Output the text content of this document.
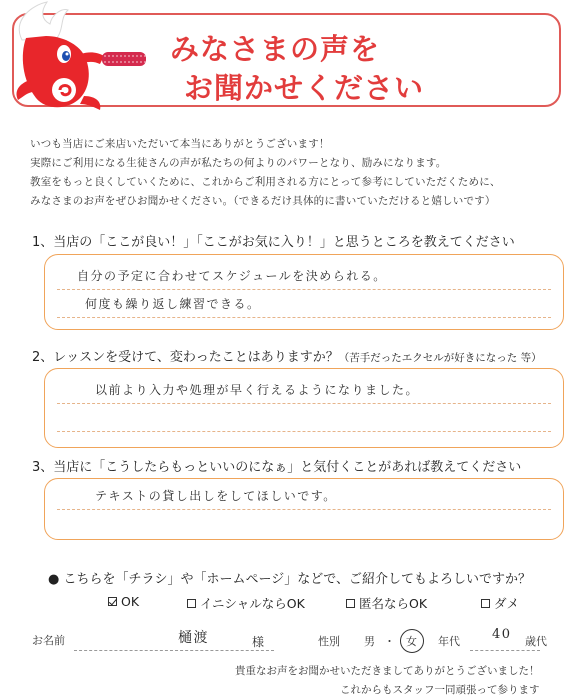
みなさまの声を
お聞かせください
いつも当店にご来店いただいて本当にありがとうございます！
実際にご利用になる生徒さんの声が私たちの何よりのパワーとなり、励みになります。
教室をもっと良くしていくために、これからご利用される方にとって参考にしていただくために、
みなさまのお声をぜひお聞かせください。（できるだけ具体的に書いていただけると嬉しいです）
1、当店の「ここが良い！」「ここがお気に入り！」と思うところを教えてください
自分の予定に合わせてスケジュールを決められる。
何度も繰り返し練習できる。
2、レッスンを受けて、変わったことはありますか？（苦手だったエクセルが好きになった 等）
以前より入力や処理が早く行えるようになりました。
3、当店に「こうしたらもっといいのになぁ」と気付くことがあれば教えてください
テキストの貸し出しをしてほしいです。
● こちらを「チラシ」や「ホームページ」などで、ご紹介してもよろしいですか？
OK	イニシャルならOK	匿名ならOK	ダメ
お名前	樋渡	様	性別 男 ・ 女 年代 40 歳代
貴重なお声をお聞かせいただきましてありがとうございました！
これからもスタッフ一同頑張って参ります
